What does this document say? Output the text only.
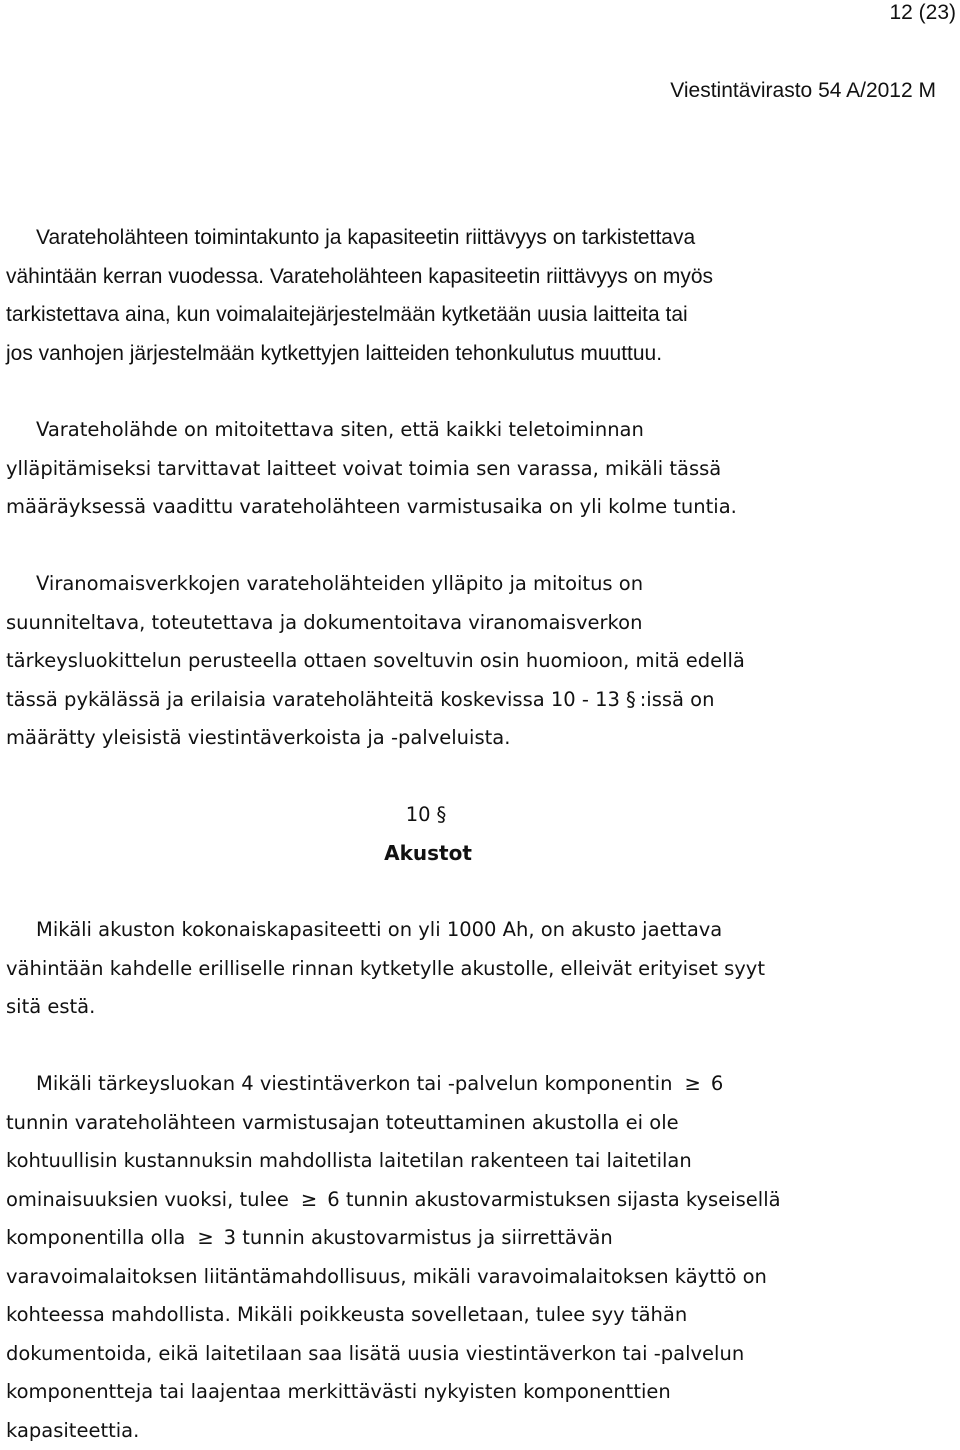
12 (23)
Viestintävirasto 54 A/2012 M
Varateholähteen toimintakunto ja kapasiteetin riittävyys on tarkistettava
vähintään kerran vuodessa. Varateholähteen kapasiteetin riittävyys on myös
tarkistettava aina, kun voimalaitejärjestelmään kytketään uusia laitteita tai
jos vanhojen järjestelmään kytkettyjen laitteiden tehonkulutus muuttuu.
Varateholähde on mitoitettava siten, että kaikki teletoiminnan
ylläpitämiseksi tarvittavat laitteet voivat toimia sen varassa, mikäli tässä
määräyksessä vaadittu varateholähteen varmistusaika on yli kolme tuntia.
Viranomaisverkkojen varateholähteiden ylläpito ja mitoitus on
suunniteltava, toteutettava ja dokumentoitava viranomaisverkon
tärkeysluokittelun perusteella ottaen soveltuvin osin huomioon, mitä edellä
tässä pykälässä ja erilaisia varateholähteitä koskevissa 10 - 13 § :issä on
määrätty yleisistä viestintäverkoista ja -palveluista.
10 §
Akustot
Mikäli akuston kokonaiskapasiteetti on yli 1000 Ah, on akusto jaettava
vähintään kahdelle erilliselle rinnan kytketylle akustolle, elleivät erityiset syyt
sitä estä.
Mikäli tärkeysluokan 4 viestintäverkon tai -palvelun komponentin ≥ 6
tunnin varateholähteen varmistusajan toteuttaminen akustolla ei ole
kohtuullisin kustannuksin mahdollista laitetilan rakenteen tai laitetilan
ominaisuuksien vuoksi, tulee ≥ 6 tunnin akustovarmistuksen sijasta kyseisellä
komponentilla olla ≥ 3 tunnin akustovarmistus ja siirrettävän
varavoimalaitoksen liitäntämahdollisuus, mikäli varavoimalaitoksen käyttö on
kohteessa mahdollista. Mikäli poikkeusta sovelletaan, tulee syy tähän
dokumentoida, eikä laitetilaan saa lisätä uusia viestintäverkon tai -palvelun
komponentteja tai laajentaa merkittävästi nykyisten komponenttien
kapasiteettia.
